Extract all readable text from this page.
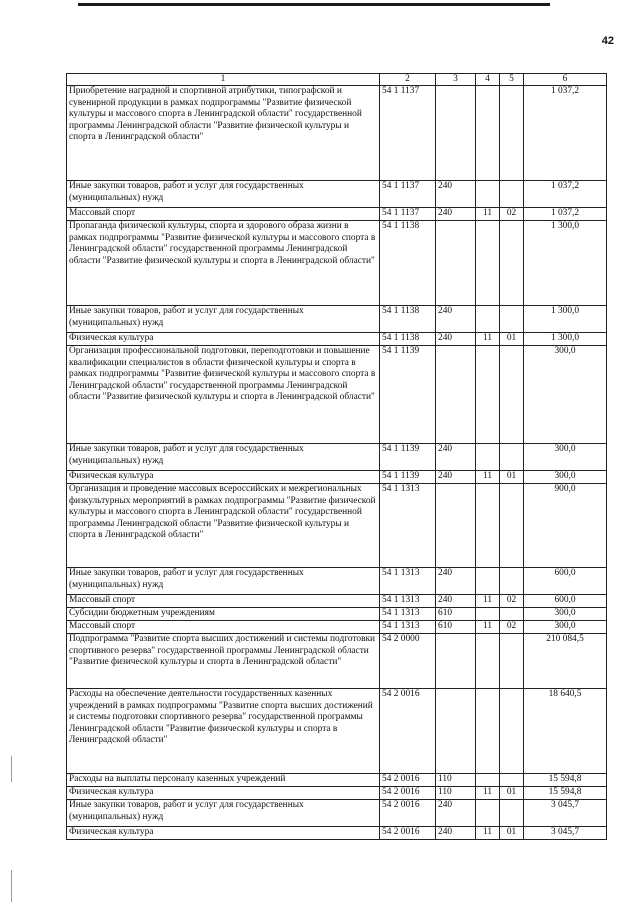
42
1	2	3	4	5	6
Приобретение наградной и спортивной атрибутики, типографской и сувенирной продукции в рамках подпрограммы "Развитие физической культуры и массового спорта в Ленинградской области" государственной программы Ленинградской области "Развитие физической культуры и спорта в Ленинградской области"	54 1 1137				1 037,2
Иные закупки товаров, работ и услуг для государственных (муниципальных) нужд	54 1 1137	240			1 037,2
Массовый спорт	54 1 1137	240	11	02	1 037,2
Пропаганда физической культуры, спорта и здорового образа жизни в рамках подпрограммы "Развитие физической культуры и массового спорта в Ленинградской области" государственной программы Ленинградской области "Развитие физической культуры и спорта в Ленинградской области"	54 1 1138				1 300,0
Иные закупки товаров, работ и услуг для государственных (муниципальных) нужд	54 1 1138	240			1 300,0
Физическая культура	54 1 1138	240	11	01	1 300,0
Организация профессиональной подготовки, переподготовки и повышение квалификации специалистов в области физической культуры и спорта в рамках подпрограммы "Развитие физической культуры и массового спорта в Ленинградской области" государственной программы Ленинградской области "Развитие физической культуры и спорта в Ленинградской области"	54 1 1139				300,0
Иные закупки товаров, работ и услуг для государственных (муниципальных) нужд	54 1 1139	240			300,0
Физическая культура	54 1 1139	240	11	01	300,0
Организация и проведение массовых всероссийских и межрегиональных физкультурных мероприятий в рамках подпрограммы "Развитие физической культуры и массового спорта в Ленинградской области" государственной программы Ленинградской области "Развитие физической культуры и спорта в Ленинградской области"	54 1 1313				900,0
Иные закупки товаров, работ и услуг для государственных (муниципальных) нужд	54 1 1313	240			600,0
Массовый спорт	54 1 1313	240	11	02	600,0
Субсидии бюджетным учреждениям	54 1 1313	610			300,0
Массовый спорт	54 1 1313	610	11	02	300,0
Подпрограмма "Развитие спорта высших достижений и системы подготовки спортивного резерва" государственной программы Ленинградской области "Развитие физической культуры и спорта в Ленинградской области"	54 2 0000				210 084,5
Расходы на обеспечение деятельности государственных казенных учреждений в рамках подпрограммы "Развитие спорта высших достижений и системы подготовки спортивного резерва" государственной программы Ленинградской области "Развитие физической культуры и спорта в Ленинградской области"	54 2 0016				18 640,5
Расходы на выплаты персоналу казенных учреждений	54 2 0016	110			15 594,8
Физическая культура	54 2 0016	110	11	01	15 594,8
Иные закупки товаров, работ и услуг для государственных (муниципальных) нужд	54 2 0016	240			3 045,7
Физическая культура	54 2 0016	240	11	01	3 045,7
